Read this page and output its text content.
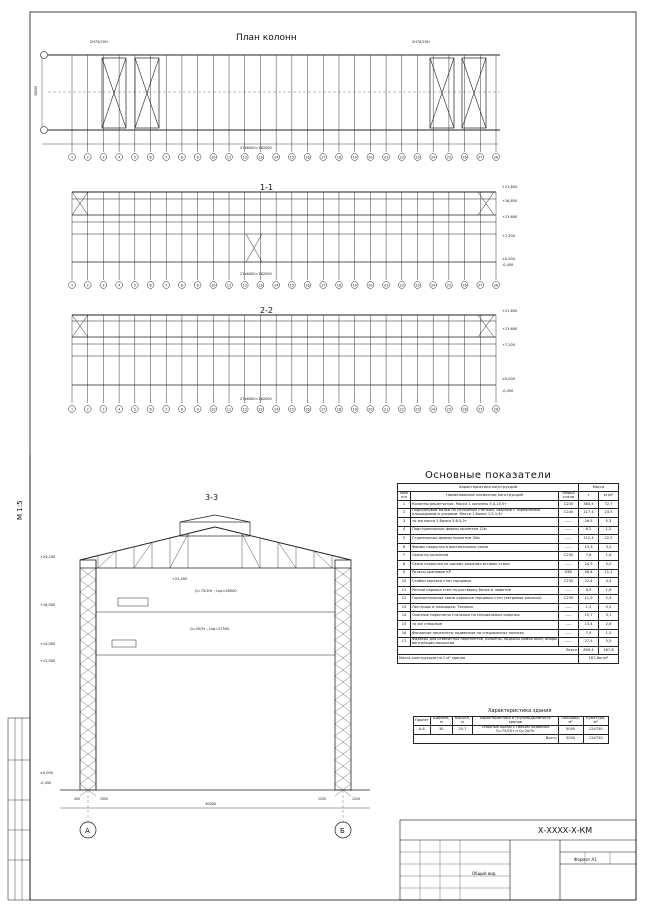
М 1:5
План колонн
1	2	3	4	5	6	7	8	9	10	11	12	13	14	15	16	17	18	19	20	21	22	23	24	25	26	27	28
2Н75/20Н	2Н75/20Н
27х6000=162000
30000
1-1
1	2	3	4	5	6	7	8	9	10	11	12	13	14	15	16	17	18	19	20	21	22	23	24	25	26	27	28
+21,850
+16,850
+13,600
+7,200
±0,000
-0,450
27х6000=162000
2-2
1	2	3	4	5	6	7	8	9	10	11	12	13	14	15	16	17	18	19	20	21	22	23	24	25	26	27	28
+21,850
+13,600
+7,200
±0,000
-0,450
27х6000=162000
3-3
А	Б
30000
+24,200
+23,400
+16,000
+14,000
+12,000
±0,000
-0,450
Q=75/20т ; Lкр=28500
Q=20/5т ; Lкр=27500
450	1500	1250	1250
Основные показатели
Характеристика конструкций			Масса	
№№ п/п	Наименование элементов конструкций	Марка стали	т	кг/м²
1	Колонны решетчатые. Масса 1 колонны 5,4-10,5т	С235	363,4	72,7
2	Подкрановые балки по сплошным стенкам, сварные с тормозными площадками и упорами. Масса 1 балки 1,5-1,4т	С245	117,4	23,5
3	то же масса 1 балки 3,6-5,2т	-----	26,5	5,3
4	Подстропильные фермы пролетом 12м	-----	6,2	1,2
5	Стропильные фермы пролетом 30м	-----	112,4	22,5
6	Фермы покрытия в вертикальные связи	-----	15,3	3,2
7	Связи по колоннам	С235	7,8	1,6
8	Связи покрытия по одному решения вставок стали	-----	24,9	5,0
9	Рельсы крановые КР	К60	56,4	11,1
10	Стойки каркаса стен торцевые	С235	22,4	4,4
11	Ригели каркаса стен по ростверку балок и лафетов	-----	8,9	1,8
12	Горизонтальные связи каркасов торцевых стен (ветровые раскосы)	С235	11,9	2,4
13	Лестницы и площадки. Техника	-----	1,2	0,2
14	Оконные переплеты стальные на специальных опорных	-----	15,7	3,1
15	то же створные	-----	13,4	2,6
16	Фонарные переплеты подвесные на специальных полосах	-----	7,5	1,5
17	Фахверк для отвесистых переплетов, колонны, подкосы рамок окон, опоры вентиляции покрытия	-----	27,5	5,5
Всего			899,4	167,8
Масса конструкции на 1 м² здания			167,8кг/м²	
Характеристика здания
Пролет	Ширина, м	Высота, м	Характеристика и грузоподъемность кранов	Площадь, м²	Кубатура, м³
А-Б	30	25,7	Опорные краны с гибким подвесом Q=75/20т и Q=20/5т	5000	124750
Всего				5000	124750
Х-ХХХХ-Х-КМ
Общий вид
Формат А1
